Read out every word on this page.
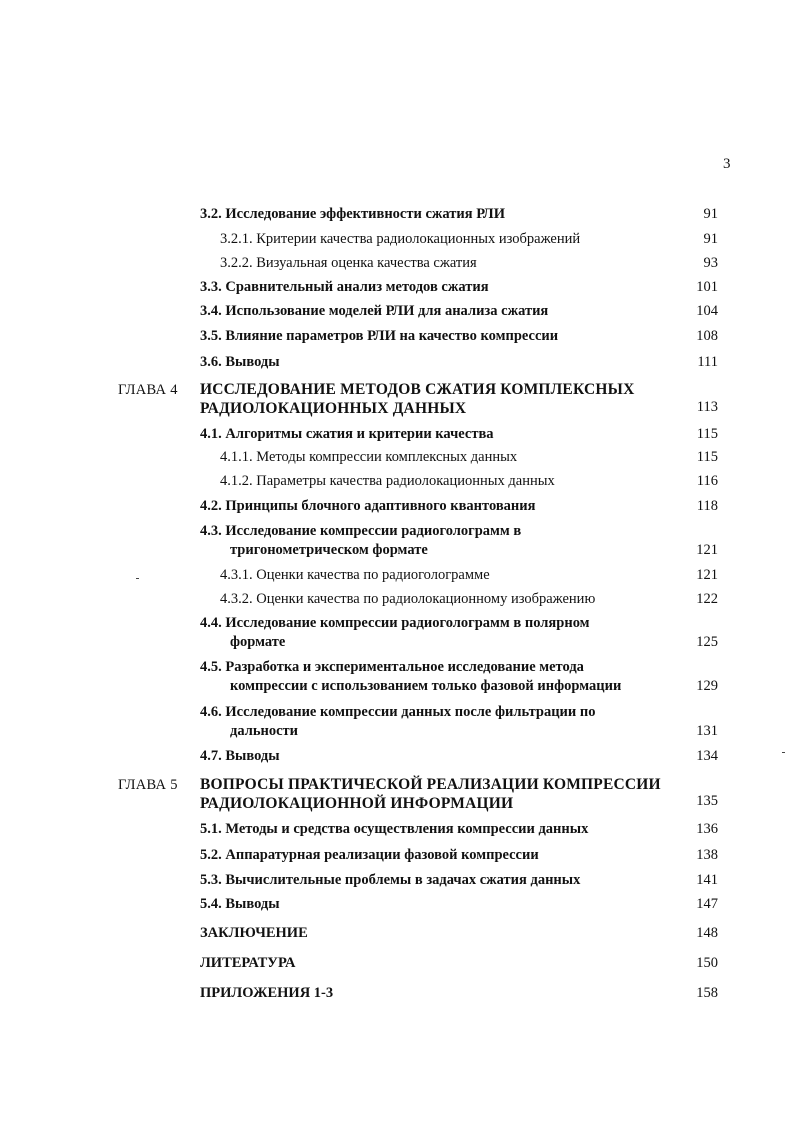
3
3.2. Исследование эффективности сжатия РЛИ	91
3.2.1. Критерии качества радиолокационных изображений	91
3.2.2. Визуальная оценка качества сжатия	93
3.3. Сравнительный анализ методов сжатия	101
3.4. Использование моделей РЛИ для анализа сжатия	104
3.5. Влияние параметров РЛИ на качество компрессии	108
3.6. Выводы	111
ГЛАВА 4 ИССЛЕДОВАНИЕ МЕТОДОВ СЖАТИЯ КОМПЛЕКСНЫХ
РАДИОЛОКАЦИОННЫХ ДАННЫХ	113
4.1. Алгоритмы сжатия и критерии качества	115
4.1.1. Методы компрессии комплексных данных	115
4.1.2. Параметры качества радиолокационных данных	116
4.2. Принципы блочного адаптивного квантования	118
4.3. Исследование компрессии радиоголограмм в
тригонометрическом формате	121
4.3.1. Оценки качества по радиоголограмме	121
4.3.2. Оценки качества по радиолокационному изображению	122
4.4. Исследование компрессии радиоголограмм в полярном
формате	125
4.5. Разработка и экспериментальное исследование метода
компрессии с использованием только фазовой информации	129
4.6. Исследование компрессии данных после фильтрации по
дальности	131
4.7. Выводы	134
ГЛАВА 5 ВОПРОСЫ ПРАКТИЧЕСКОЙ РЕАЛИЗАЦИИ КОМПРЕССИИ
РАДИОЛОКАЦИОННОЙ ИНФОРМАЦИИ	135
5.1. Методы и средства осуществления компрессии данных	136
5.2. Аппаратурная реализации фазовой компрессии	138
5.3. Вычислительные проблемы в задачах сжатия данных	141
5.4. Выводы	147
ЗАКЛЮЧЕНИЕ	148
ЛИТЕРАТУРА	150
ПРИЛОЖЕНИЯ 1-3	158
